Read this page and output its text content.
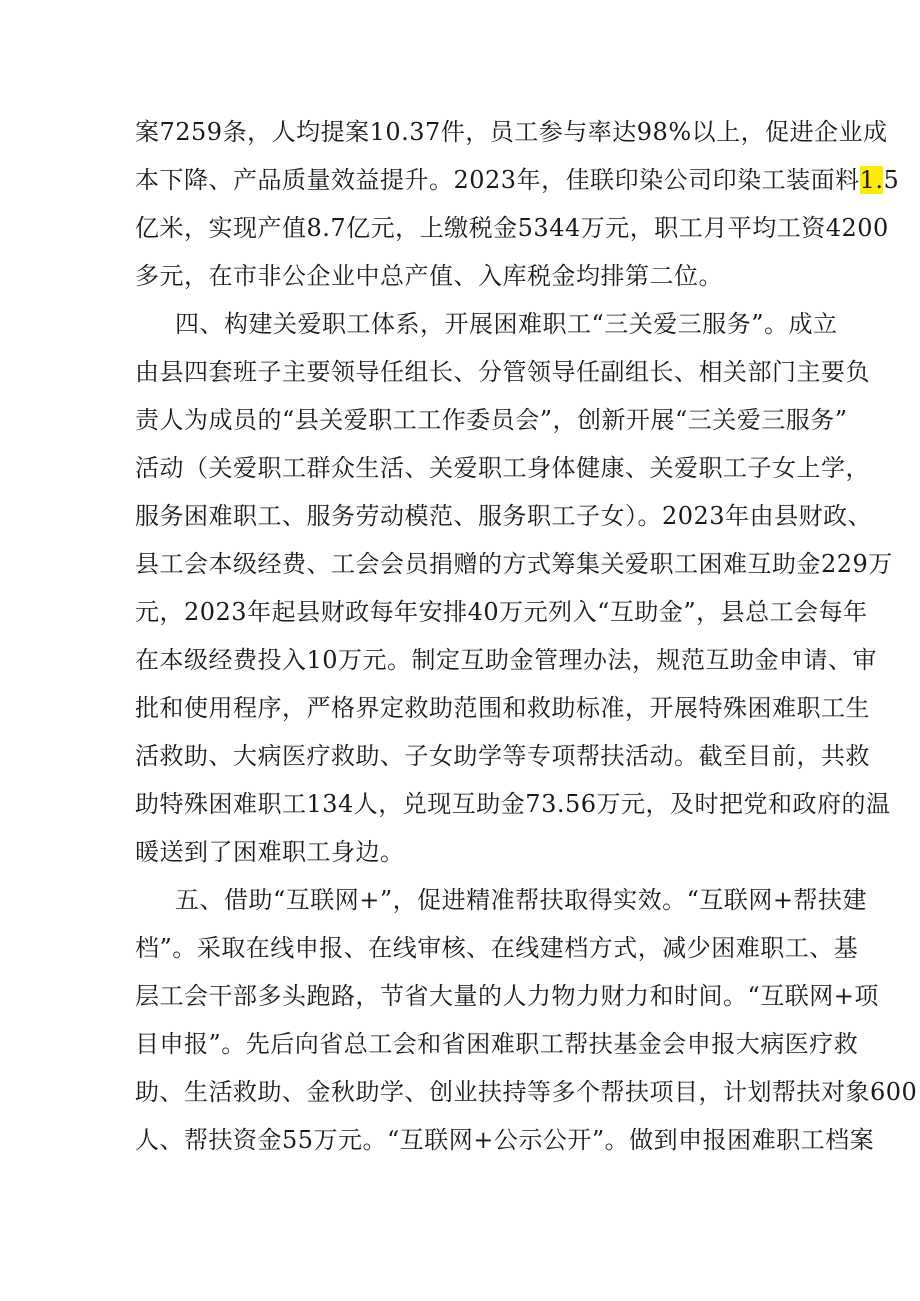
案7259条，人均提案10.37件，员工参与率达98%以上，促进企业成
本下降、产品质量效益提升。2023年，佳联印染公司印染工装面料1.5
亿米，实现产值8.7亿元，上缴税金5344万元，职工月平均工资4200
多元，在市非公企业中总产值、入库税金均排第二位。
四、构建关爱职工体系，开展困难职工“三关爱三服务”。成立
由县四套班子主要领导任组长、分管领导任副组长、相关部门主要负
责人为成员的“县关爱职工工作委员会”，创新开展“三关爱三服务”
活动（关爱职工群众生活、关爱职工身体健康、关爱职工子女上学，
服务困难职工、服务劳动模范、服务职工子女）。2023年由县财政、
县工会本级经费、工会会员捐赠的方式筹集关爱职工困难互助金229万
元，2023年起县财政每年安排40万元列入“互助金”，县总工会每年
在本级经费投入10万元。制定互助金管理办法，规范互助金申请、审
批和使用程序，严格界定救助范围和救助标准，开展特殊困难职工生
活救助、大病医疗救助、子女助学等专项帮扶活动。截至目前，共救
助特殊困难职工134人，兑现互助金73.56万元，及时把党和政府的温
暖送到了困难职工身边。
五、借助“互联网+”，促进精准帮扶取得实效。“互联网+帮扶建
档”。采取在线申报、在线审核、在线建档方式，减少困难职工、基
层工会干部多头跑路，节省大量的人力物力财力和时间。“互联网+项
目申报”。先后向省总工会和省困难职工帮扶基金会申报大病医疗救
助、生活救助、金秋助学、创业扶持等多个帮扶项目，计划帮扶对象600
人、帮扶资金55万元。“互联网+公示公开”。做到申报困难职工档案
